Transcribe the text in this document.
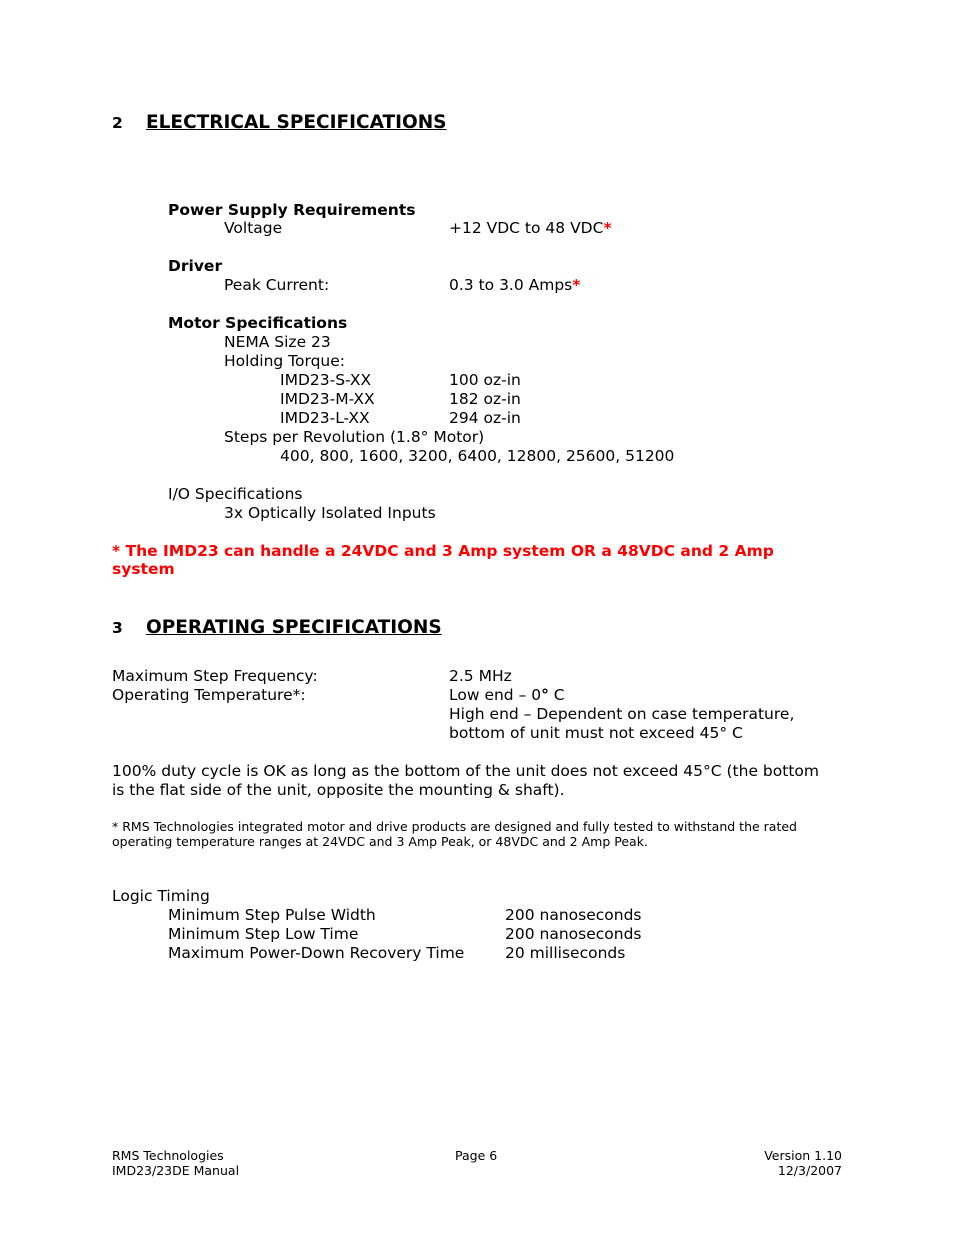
2 ELECTRICAL SPECIFICATIONS
Power Supply Requirements
Voltage	+12 VDC to 48 VDC*
Driver
Peak Current:	0.3 to 3.0 Amps*
Motor Specifications
NEMA Size 23
Holding Torque:
IMD23-S-XX	100 oz-in
IMD23-M-XX	182 oz-in
IMD23-L-XX	294 oz-in
Steps per Revolution (1.8° Motor)
400, 800, 1600, 3200, 6400, 12800, 25600, 51200
I/O Specifications
3x Optically Isolated Inputs
* The IMD23 can handle a 24VDC and 3 Amp system OR a 48VDC and 2 Amp
system
3 OPERATING SPECIFICATIONS
Maximum Step Frequency:	2.5 MHz
Operating Temperature*:	Low end – 0° C
High end – Dependent on case temperature,
bottom of unit must not exceed 45° C
100% duty cycle is OK as long as the bottom of the unit does not exceed 45°C (the bottom
is the flat side of the unit, opposite the mounting & shaft).
* RMS Technologies integrated motor and drive products are designed and fully tested to withstand the rated
operating temperature ranges at 24VDC and 3 Amp Peak, or 48VDC and 2 Amp Peak.
Logic Timing
Minimum Step Pulse Width	200 nanoseconds
Minimum Step Low Time	200 nanoseconds
Maximum Power-Down Recovery Time	20 milliseconds
RMS Technologies
IMD23/23DE Manual
Page 6	Version 1.10
12/3/2007
